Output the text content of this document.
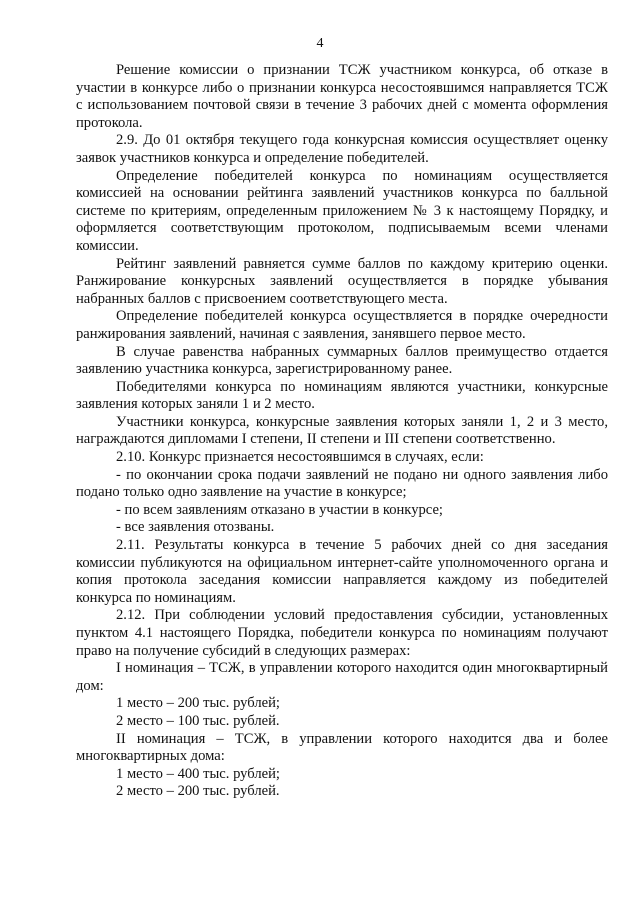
4

Решение комиссии о признании ТСЖ участником конкурса, об отказе в участии в конкурсе либо о признании конкурса несостоявшимся направляется ТСЖ с использованием почтовой связи в течение 3 рабочих дней с момента оформления протокола.

2.9. До 01 октября текущего года конкурсная комиссия осуществляет оценку заявок участников конкурса и определение победителей.

Определение победителей конкурса по номинациям осуществляется комиссией на основании рейтинга заявлений участников конкурса по балльной системе по критериям, определенным приложением № 3 к настоящему Порядку, и оформляется соответствующим протоколом, подписываемым всеми членами комиссии.

Рейтинг заявлений равняется сумме баллов по каждому критерию оценки. Ранжирование конкурсных заявлений осуществляется в порядке убывания набранных баллов с присвоением соответствующего места.

Определение победителей конкурса осуществляется в порядке очередности ранжирования заявлений, начиная с заявления, занявшего первое место.

В случае равенства набранных суммарных баллов преимущество отдается заявлению участника конкурса, зарегистрированному ранее.

Победителями конкурса по номинациям являются участники, конкурсные заявления которых заняли 1 и 2 место.

Участники конкурса, конкурсные заявления которых заняли 1, 2 и 3 место, награждаются дипломами I степени, II степени и III степени соответственно.

2.10. Конкурс признается несостоявшимся в случаях, если:

- по окончании срока подачи заявлений не подано ни одного заявления либо подано только одно заявление на участие в конкурсе;

- по всем заявлениям отказано в участии в конкурсе;

- все заявления отозваны.

2.11. Результаты конкурса в течение 5 рабочих дней со дня заседания комиссии публикуются на официальном интернет-сайте уполномоченного органа и копия протокола заседания комиссии направляется каждому из победителей конкурса по номинациям.

2.12. При соблюдении условий предоставления субсидии, установленных пунктом 4.1 настоящего Порядка, победители конкурса по номинациям получают право на получение субсидий в следующих размерах:

I номинация – ТСЖ, в управлении которого находится один многоквартирный дом:

1 место – 200 тыс. рублей;

2 место – 100 тыс. рублей.

II номинация – ТСЖ, в управлении которого находится два и более многоквартирных дома:

1 место – 400 тыс. рублей;

2 место – 200 тыс. рублей.
